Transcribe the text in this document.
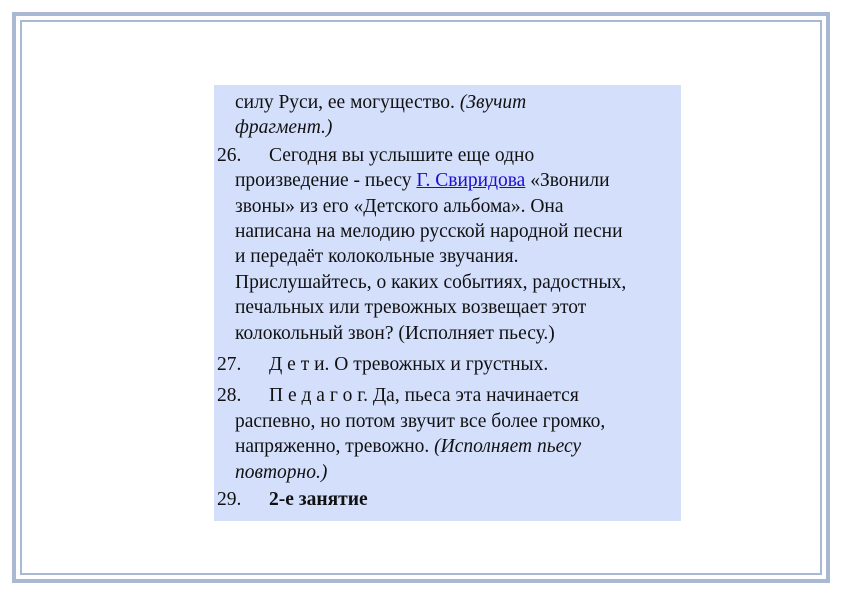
силу Руси, ее могущество. (Звучит
фрагмент.)
26. Сегодня вы услышите еще одно
произведение - пьесу Г. Свиридова «Звонили
звоны» из его «Детского альбома». Она
написана на мелодию русской народной песни
и передаёт колокольные звучания.
Прислушайтесь, о каких событиях, радостных,
печальных или тревожных возвещает этот
колокольный звон? (Исполняет пьесу.)
27. Д е т и. О тревожных и грустных.
28. П е д а г о г. Да, пьеса эта начинается
распевно, но потом звучит все более громко,
напряженно, тревожно. (Исполняет пьесу
повторно.)
29. 2-е занятие
